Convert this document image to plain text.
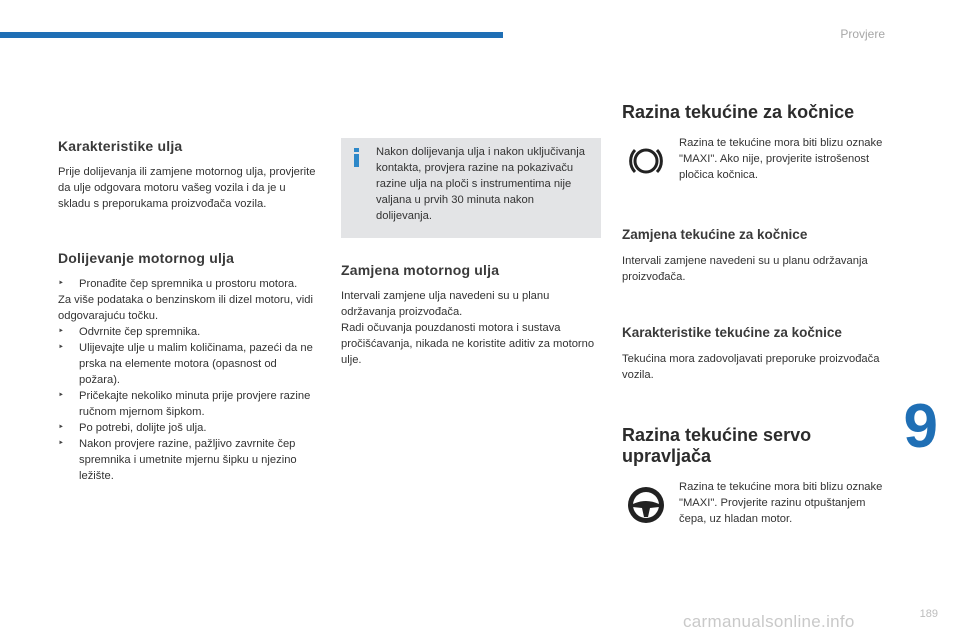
Provjere
Karakteristike ulja

Prije dolijevanja ili zamjene motornog ulja, provjerite da ulje odgovara motoru vašeg vozila i da je u skladu s preporukama proizvođača vozila.

Dolijevanje motornog ulja
‣ Pronađite čep spremnika u prostoru motora.
Za više podataka o benzinskom ili dizel motoru, vidi odgovarajuću točku.
‣ Odvrnite čep spremnika.
‣ Ulijevajte ulje u malim količinama, pazeći da ne prska na elemente motora (opasnost od požara).
‣ Pričekajte nekoliko minuta prije provjere razine ručnom mjernom šipkom.
‣ Po potrebi, dolijte još ulja.
‣ Nakon provjere razine, pažljivo zavrnite čep spremnika i umetnite mjernu šipku u njezino ležište.

Nakon dolijevanja ulja i nakon uključivanja kontakta, provjera razine na pokazivaču razine ulja na ploči s instrumentima nije valjana u prvih 30 minuta nakon dolijevanja.

Zamjena motornog ulja

Intervali zamjene ulja navedeni su u planu održavanja proizvođača.

Radi očuvanja pouzdanosti motora i sustava pročišćavanja, nikada ne koristite aditiv za motorno ulje.

Razina tekućine za kočnice

Razina te tekućine mora biti blizu oznake "MAXI". Ako nije, provjerite istrošenost pločica kočnica.

Zamjena tekućine za kočnice

Intervali zamjene navedeni su u planu održavanja proizvođača.

Karakteristike tekućine za kočnice

Tekućina mora zadovoljavati preporuke proizvođača vozila.

Razina tekućine servo upravljača

Razina te tekućine mora biti blizu oznake "MAXI". Provjerite razinu otpuštanjem čepa, uz hladan motor.

9
189
carmanualsonline.info
